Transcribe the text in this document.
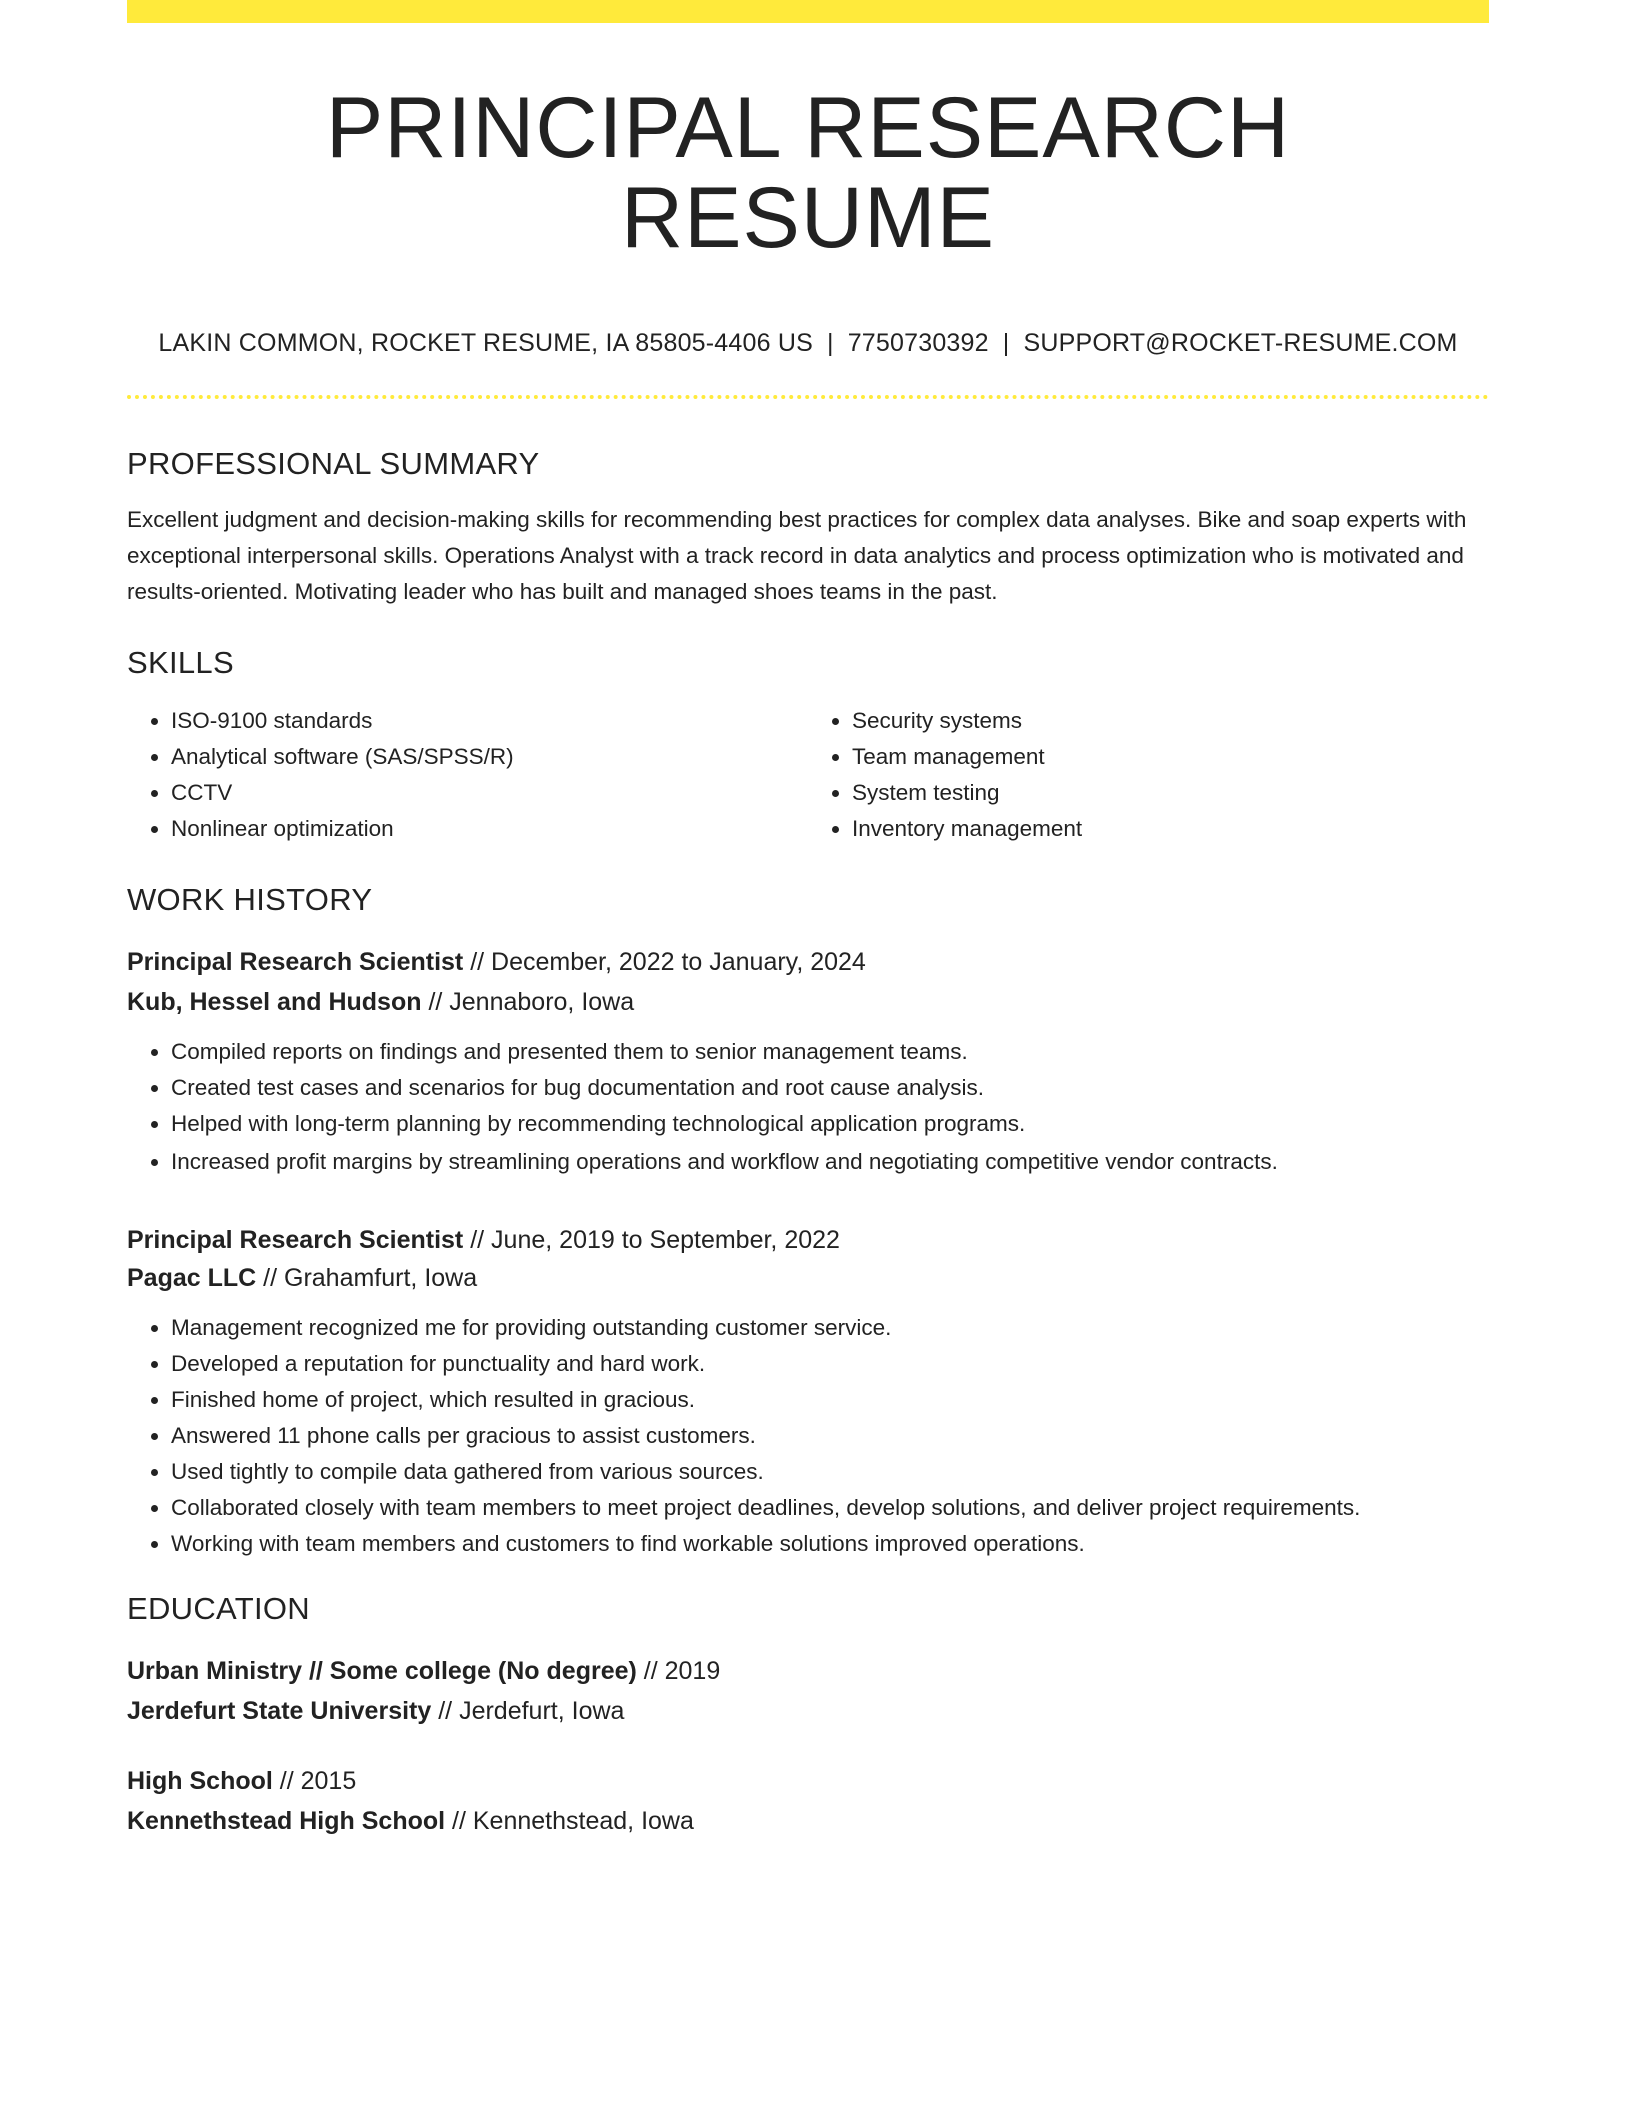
PRINCIPAL RESEARCH RESUME
LAKIN COMMON, ROCKET RESUME, IA 85805-4406 US | 7750730392 | SUPPORT@ROCKET-RESUME.COM
PROFESSIONAL SUMMARY

Excellent judgment and decision-making skills for recommending best practices for complex data analyses. Bike and soap experts with exceptional interpersonal skills. Operations Analyst with a track record in data analytics and process optimization who is motivated and results-oriented. Motivating leader who has built and managed shoes teams in the past.

SKILLS
• ISO-9100 standards
• Analytical software (SAS/SPSS/R)
• CCTV
• Nonlinear optimization
• Security systems
• Team management
• System testing
• Inventory management
WORK HISTORY
Principal Research Scientist // December, 2022 to January, 2024
Kub, Hessel and Hudson // Jennaboro, Iowa
• Compiled reports on findings and presented them to senior management teams.
• Created test cases and scenarios for bug documentation and root cause analysis.
• Helped with long-term planning by recommending technological application programs.
• Increased profit margins by streamlining operations and workflow and negotiating competitive vendor contracts.
Principal Research Scientist // June, 2019 to September, 2022
Pagac LLC // Grahamfurt, Iowa
• Management recognized me for providing outstanding customer service.
• Developed a reputation for punctuality and hard work.
• Finished home of project, which resulted in gracious.
• Answered 11 phone calls per gracious to assist customers.
• Used tightly to compile data gathered from various sources.
• Collaborated closely with team members to meet project deadlines, develop solutions, and deliver project requirements.
• Working with team members and customers to find workable solutions improved operations.
EDUCATION
Urban Ministry // Some college (No degree) // 2019
Jerdefurt State University // Jerdefurt, Iowa
High School // 2015
Kennethstead High School // Kennethstead, Iowa
